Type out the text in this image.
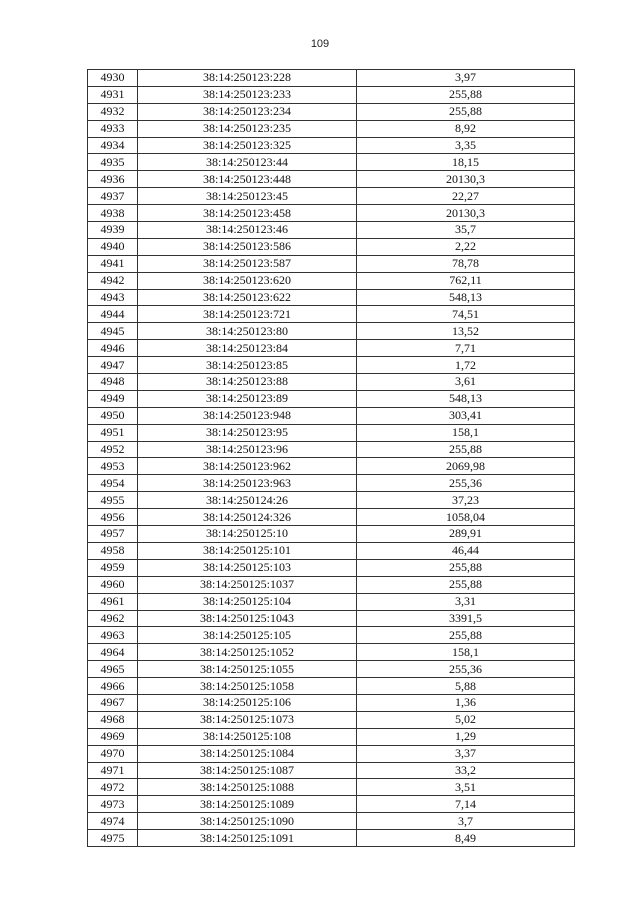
109
4930	38:14:250123:228	3,97
4931	38:14:250123:233	255,88
4932	38:14:250123:234	255,88
4933	38:14:250123:235	8,92
4934	38:14:250123:325	3,35
4935	38:14:250123:44	18,15
4936	38:14:250123:448	20130,3
4937	38:14:250123:45	22,27
4938	38:14:250123:458	20130,3
4939	38:14:250123:46	35,7
4940	38:14:250123:586	2,22
4941	38:14:250123:587	78,78
4942	38:14:250123:620	762,11
4943	38:14:250123:622	548,13
4944	38:14:250123:721	74,51
4945	38:14:250123:80	13,52
4946	38:14:250123:84	7,71
4947	38:14:250123:85	1,72
4948	38:14:250123:88	3,61
4949	38:14:250123:89	548,13
4950	38:14:250123:948	303,41
4951	38:14:250123:95	158,1
4952	38:14:250123:96	255,88
4953	38:14:250123:962	2069,98
4954	38:14:250123:963	255,36
4955	38:14:250124:26	37,23
4956	38:14:250124:326	1058,04
4957	38:14:250125:10	289,91
4958	38:14:250125:101	46,44
4959	38:14:250125:103	255,88
4960	38:14:250125:1037	255,88
4961	38:14:250125:104	3,31
4962	38:14:250125:1043	3391,5
4963	38:14:250125:105	255,88
4964	38:14:250125:1052	158,1
4965	38:14:250125:1055	255,36
4966	38:14:250125:1058	5,88
4967	38:14:250125:106	1,36
4968	38:14:250125:1073	5,02
4969	38:14:250125:108	1,29
4970	38:14:250125:1084	3,37
4971	38:14:250125:1087	33,2
4972	38:14:250125:1088	3,51
4973	38:14:250125:1089	7,14
4974	38:14:250125:1090	3,7
4975	38:14:250125:1091	8,49
